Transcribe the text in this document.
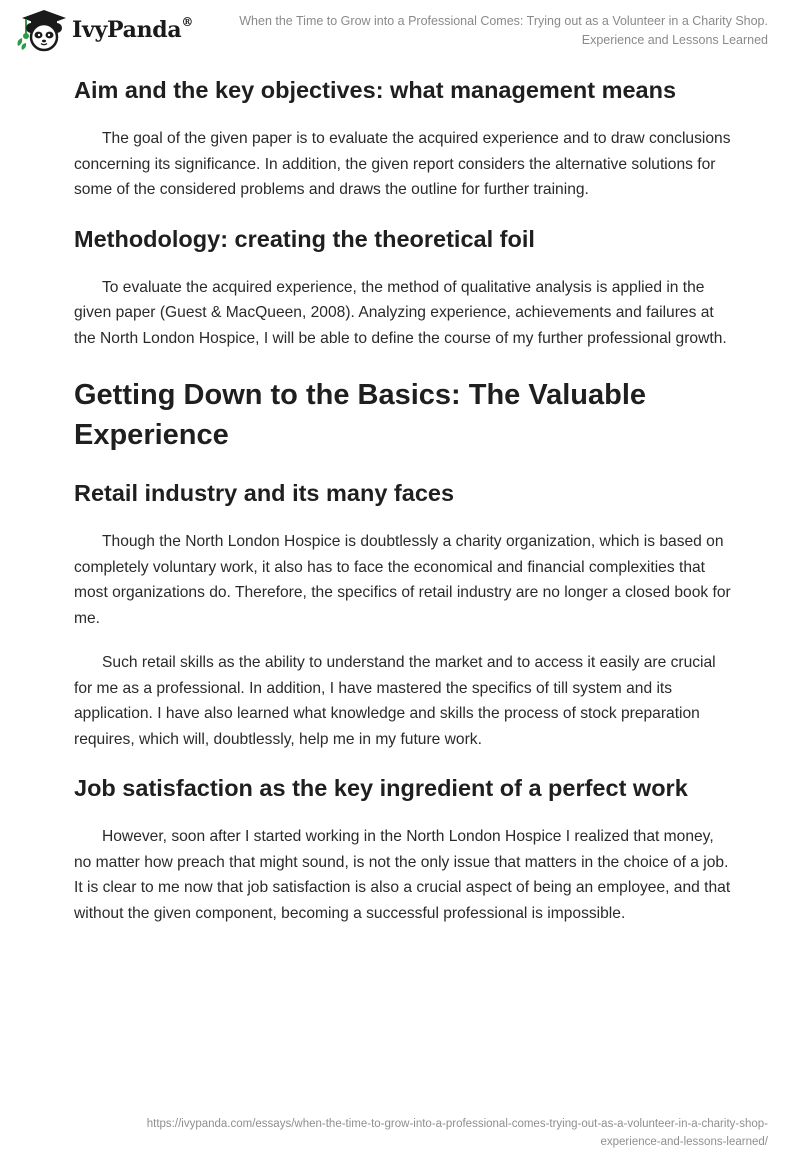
IvyPanda®	When the Time to Grow into a Professional Comes: Trying out as a Volunteer in a Charity Shop.
Experience and Lessons Learned
Aim and the key objectives: what management means

The goal of the given paper is to evaluate the acquired experience and to draw conclusions concerning its significance. In addition, the given report considers the alternative solutions for some of the considered problems and draws the outline for further training.

Methodology: creating the theoretical foil

To evaluate the acquired experience, the method of qualitative analysis is applied in the given paper (Guest & MacQueen, 2008). Analyzing experience, achievements and failures at the North London Hospice, I will be able to define the course of my further professional growth.

Getting Down to the Basics: The Valuable Experience
Retail industry and its many faces

Though the North London Hospice is doubtlessly a charity organization, which is based on completely voluntary work, it also has to face the economical and financial complexities that most organizations do. Therefore, the specifics of retail industry are no longer a closed book for me.

Such retail skills as the ability to understand the market and to access it easily are crucial for me as a professional. In addition, I have mastered the specifics of till system and its application. I have also learned what knowledge and skills the process of stock preparation requires, which will, doubtlessly, help me in my future work.

Job satisfaction as the key ingredient of a perfect work

However, soon after I started working in the North London Hospice I realized that money, no matter how preach that might sound, is not the only issue that matters in the choice of a job. It is clear to me now that job satisfaction is also a crucial aspect of being an employee, and that without the given component, becoming a successful professional is impossible.

https://ivypanda.com/essays/when-the-time-to-grow-into-a-professional-comes-trying-out-as-a-volunteer-in-a-charity-shop-
experience-and-lessons-learned/
